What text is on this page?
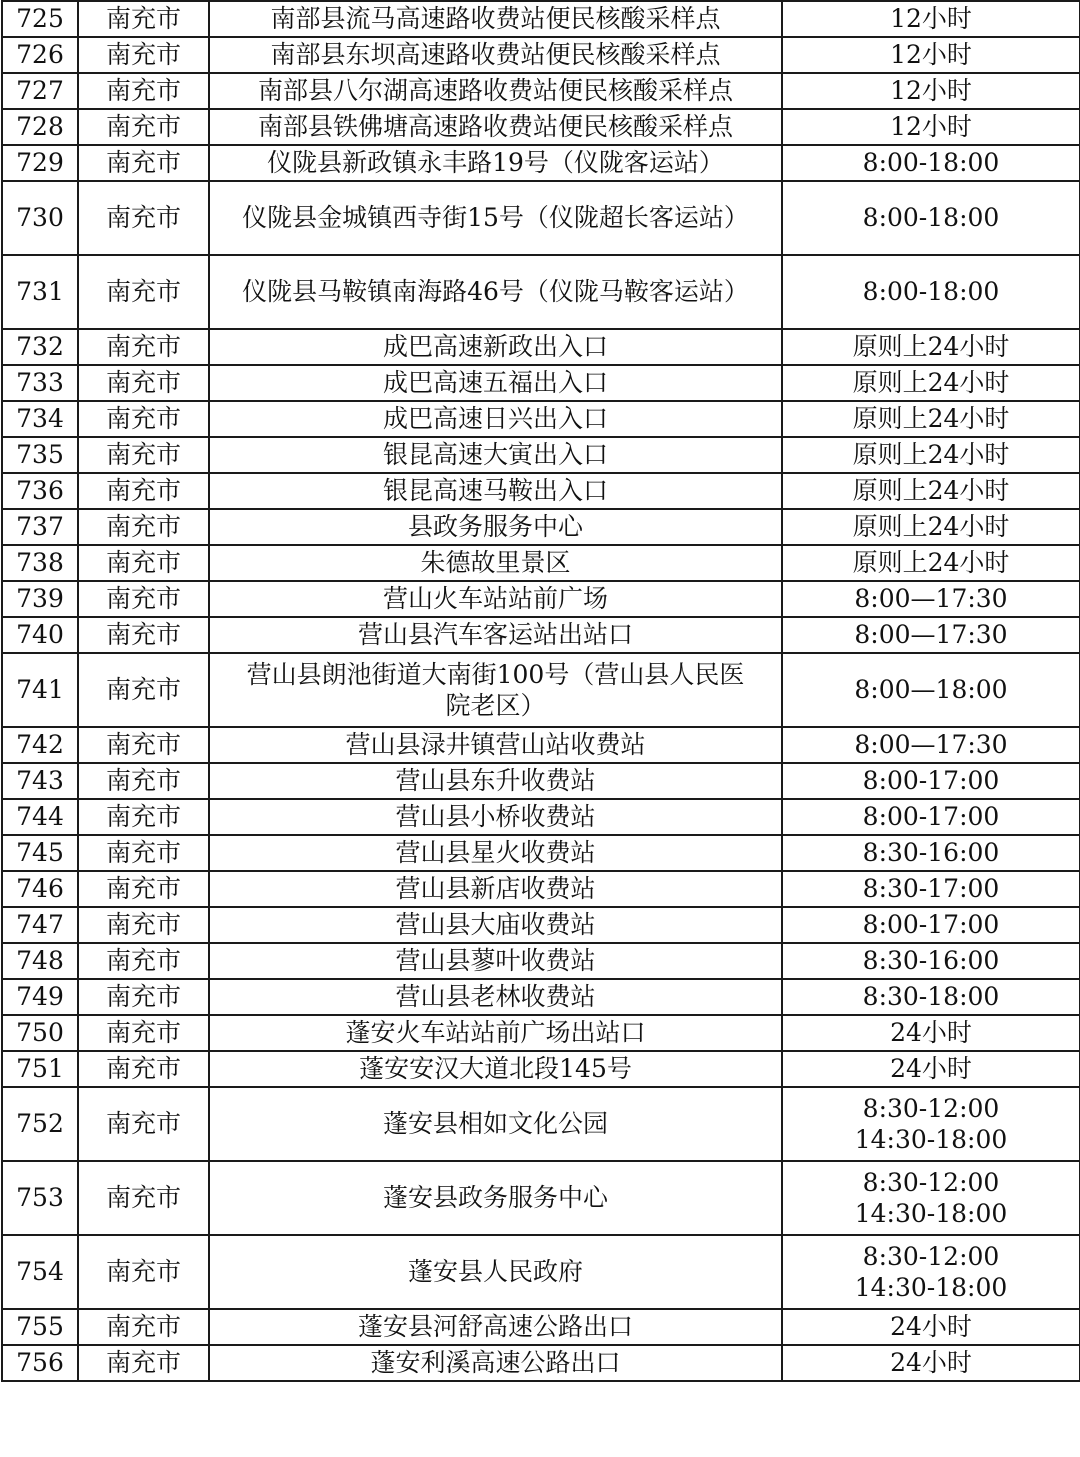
725	南充市	南部县流马高速路收费站便民核酸采样点	12小时

726	南充市	南部县东坝高速路收费站便民核酸采样点	12小时

727	南充市	南部县八尔湖高速路收费站便民核酸采样点	12小时

728	南充市	南部县铁佛塘高速路收费站便民核酸采样点	12小时

729	南充市	仪陇县新政镇永丰路19号（仪陇客运站）	8:00-18:00

730	南充市	仪陇县金城镇西寺街15号（仪陇超长客运站）	8:00-18:00

731	南充市	仪陇县马鞍镇南海路46号（仪陇马鞍客运站）	8:00-18:00

732	南充市	成巴高速新政出入口	原则上24小时

733	南充市	成巴高速五福出入口	原则上24小时

734	南充市	成巴高速日兴出入口	原则上24小时

735	南充市	银昆高速大寅出入口	原则上24小时

736	南充市	银昆高速马鞍出入口	原则上24小时

737	南充市	县政务服务中心	原则上24小时

738	南充市	朱德故里景区	原则上24小时

739	南充市	营山火车站站前广场	8:00—17:30

740	南充市	营山县汽车客运站出站口	8:00—17:30

741	南充市	营山县朗池街道大南街100号（营山县人民医
院老区）	8:00—18:00

742	南充市	营山县渌井镇营山站收费站	8:00—17:30

743	南充市	营山县东升收费站	8:00-17:00

744	南充市	营山县小桥收费站	8:00-17:00

745	南充市	营山县星火收费站	8:30-16:00

746	南充市	营山县新店收费站	8:30-17:00

747	南充市	营山县大庙收费站	8:00-17:00

748	南充市	营山县蓼叶收费站	8:30-16:00

749	南充市	营山县老林收费站	8:30-18:00

750	南充市	蓬安火车站站前广场出站口	24小时

751	南充市	蓬安安汉大道北段145号	24小时

752	南充市	蓬安县相如文化公园	8:30-12:00
14:30-18:00

753	南充市	蓬安县政务服务中心	8:30-12:00
14:30-18:00

754	南充市	蓬安县人民政府	8:30-12:00
14:30-18:00

755	南充市	蓬安县河舒高速公路出口	24小时

756	南充市	蓬安利溪高速公路出口	24小时
